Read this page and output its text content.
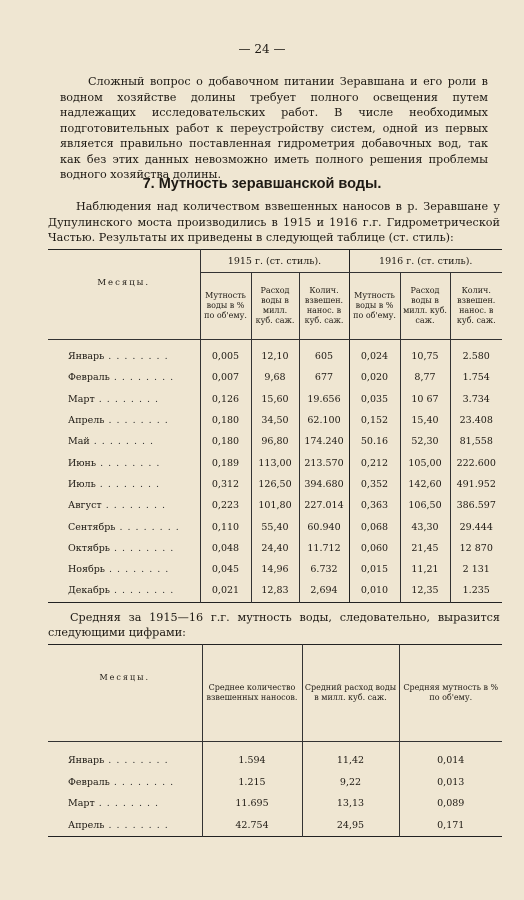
— 24 —
Сложный вопрос о добавочном питании Зеравшана и его роли в водном хозяйстве долины требует полного освещения путем надлежащих исследовательских работ. В числе необходимых подготовительных работ к переустройству систем, одной из первых является правильно поставленная гидрометрия добавочных вод, так как без этих данных невозможно иметь полного решения проблемы водного хозяйства долины.
7. Мутность зеравшанской воды.
Наблюдения над количеством взвешенных наносов в р. Зеравшане у Дупулинского моста производились в 1915 и 1916 г.г. Гидрометрической Частью. Результаты их приведены в следующей таблице (ст. стиль):
Месяцы.	1915 г. (ст. стиль).			1916 г. (ст. стиль).		
	Мутность воды в % по об'ему.	Расход воды в милл. куб. саж.	Колич. взвешен. нанос. в куб. саж.	Мутность воды в % по об'ему.	Расход воды в милл. куб. саж.	Колич. взвешен. нанос. в куб. саж.
Январь . . . . . . . .	0,005	12,10	605	0,024	10,75	2.580
Февраль . . . . . . . .	0,007	9,68	677	0,020	8,77	1.754
Март . . . . . . . .	0,126	15,60	19.656	0,035	10 67	3.734
Апрель . . . . . . . .	0,180	34,50	62.100	0,152	15,40	23.408
Май . . . . . . . .	0,180	96,80	174.240	50.16	52,30	81,558
Июнь . . . . . . . .	0,189	113,00	213.570	0,212	105,00	222.600
Июль . . . . . . . .	0,312	126,50	394.680	0,352	142,60	491.952
Август . . . . . . . .	0,223	101,80	227.014	0,363	106,50	386.597
Сентябрь . . . . . . . .	0,110	55,40	60.940	0,068	43,30	29.444
Октябрь . . . . . . . .	0,048	24,40	11.712	0,060	21,45	12 870
Ноябрь . . . . . . . .	0,045	14,96	6.732	0,015	11,21	2 131
Декабрь . . . . . . . .	0,021	12,83	2,694	0,010	12,35	1.235
Средняя за 1915—16 г.г. мутность воды, следовательно, выразится следующими цифрами:
Месяцы.	Среднее количество взвешенных наносов.	Средний расход воды в милл. куб. саж.	Средняя мутность в % по об'ему.
Январь . . . . . . . .	1.594	11,42	0,014
Февраль . . . . . . . .	1.215	9,22	0,013
Март . . . . . . . .	11.695	13,13	0,089
Апрель . . . . . . . .	42.754	24,95	0,171
